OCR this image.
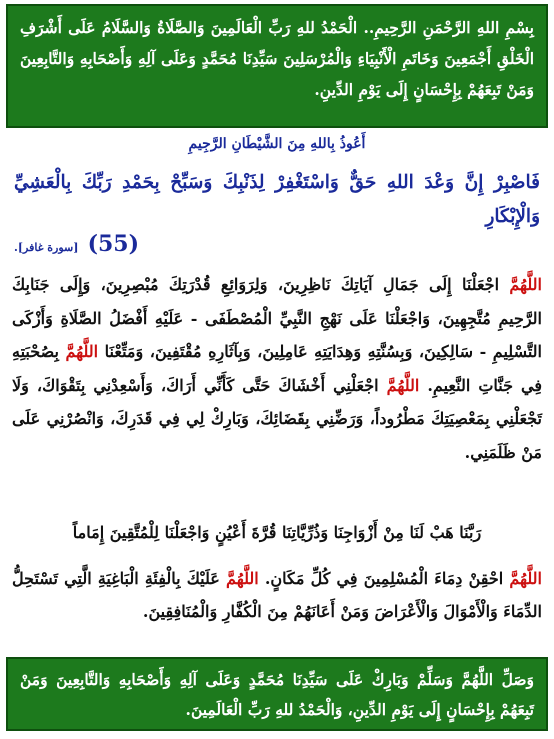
بِسْمِ اللهِ الرَّحْمَنِ الرَّحِيمِ.. الْحَمْدُ للهِ رَبِّ الْعَالَمِينَ وَالصَّلَاةُ وَالسَّلَامُ عَلَى أَشْرَفِ الْخَلْقِ أَجْمَعِينَ وَخَاتَمِ الْأَنْبِيَاءِ وَالْمُرْسَلِينَ سَيِّدِنَا مُحَمَّدٍ وَعَلَى آلِهِ وَأَصْحَابِهِ وَالتَّابِعِينَ وَمَنْ تَبِعَهُمْ بِإِحْسَانٍ إِلَى يَوْمِ الدِّينِ.
أَعُوذُ بِاللهِ مِنَ الشَّيْطَانِ الرَّجِيمِ
فَاصْبِرْ إِنَّ وَعْدَ اللهِ حَقٌّ وَاسْتَغْفِرْ لِذَنْبِكَ وَسَبِّحْ بِحَمْدِ رَبِّكَ بِالْعَشِيِّ وَالْإِبْكَارِ
(55) [سورة غافر].
اللَّهُمَّ اجْعَلْنَا إِلَى جَمَالِ آيَاتِكَ نَاظِرِينَ، وَلِرَوَائِعِ قُدْرَتِكَ مُبْصِرِينَ، وَإِلَى جَنَابِكَ الرَّحِيمِ مُتَّجِهِينَ، وَاجْعَلْنَا عَلَى نَهْجِ النَّبِيِّ الْمُصْطَفَى - عَلَيْهِ أَفْضَلُ الصَّلَاةِ وَأَزْكَى التَّسْلِيمِ - سَالِكِينَ، وَبِسُنَّتِهِ وَهِدَايَتِهِ عَامِلِينَ، وَبِآثَارِهِ مُقْتَفِينَ، وَمَتِّعْنَا اللَّهُمَّ بِصُحْبَتِهِ فِي جَنَّاتِ النَّعِيمِ. اللَّهُمَّ اجْعَلْنِي أَخْشَاكَ حَتَّى كَأَنِّي أَرَاكَ، وَأَسْعِدْنِي بِتَقْوَاكَ، وَلَا تَجْعَلْنِي بِمَعْصِيَتِكَ مَطْرُوداً، وَرَضِّنِي بِقَضَائِكَ، وَبَارِكْ لِي فِي قَدَرِكَ، وَانْصُرْنِي عَلَى مَنْ ظَلَمَنِي.
رَبَّنَا هَبْ لَنَا مِنْ أَزْوَاجِنَا وَذُرِّيَّاتِنَا قُرَّةَ أَعْيُنٍ وَاجْعَلْنَا لِلْمُتَّقِينَ إِمَاماً
اللَّهُمَّ احْقِنْ دِمَاءَ الْمُسْلِمِينَ فِي كُلِّ مَكَانٍ. اللَّهُمَّ عَلَيْكَ بِالْفِئَةِ الْبَاغِيَةِ الَّتِي تَسْتَحِلُّ الدِّمَاءَ وَالْأَمْوَالَ وَالْأَعْرَاضَ وَمَنْ أَعَانَهُمْ مِنَ الْكُفَّارِ وَالْمُنَافِقِينَ.
وَصَلِّ اللَّهُمَّ وَسَلِّمْ وَبَارِكْ عَلَى سَيِّدِنَا مُحَمَّدٍ وَعَلَى آلِهِ وَأَصْحَابِهِ وَالتَّابِعِينَ وَمَنْ تَبِعَهُمْ بِإِحْسَانٍ إِلَى يَوْمِ الدِّينِ، وَالْحَمْدُ للهِ رَبِّ الْعَالَمِينَ.
